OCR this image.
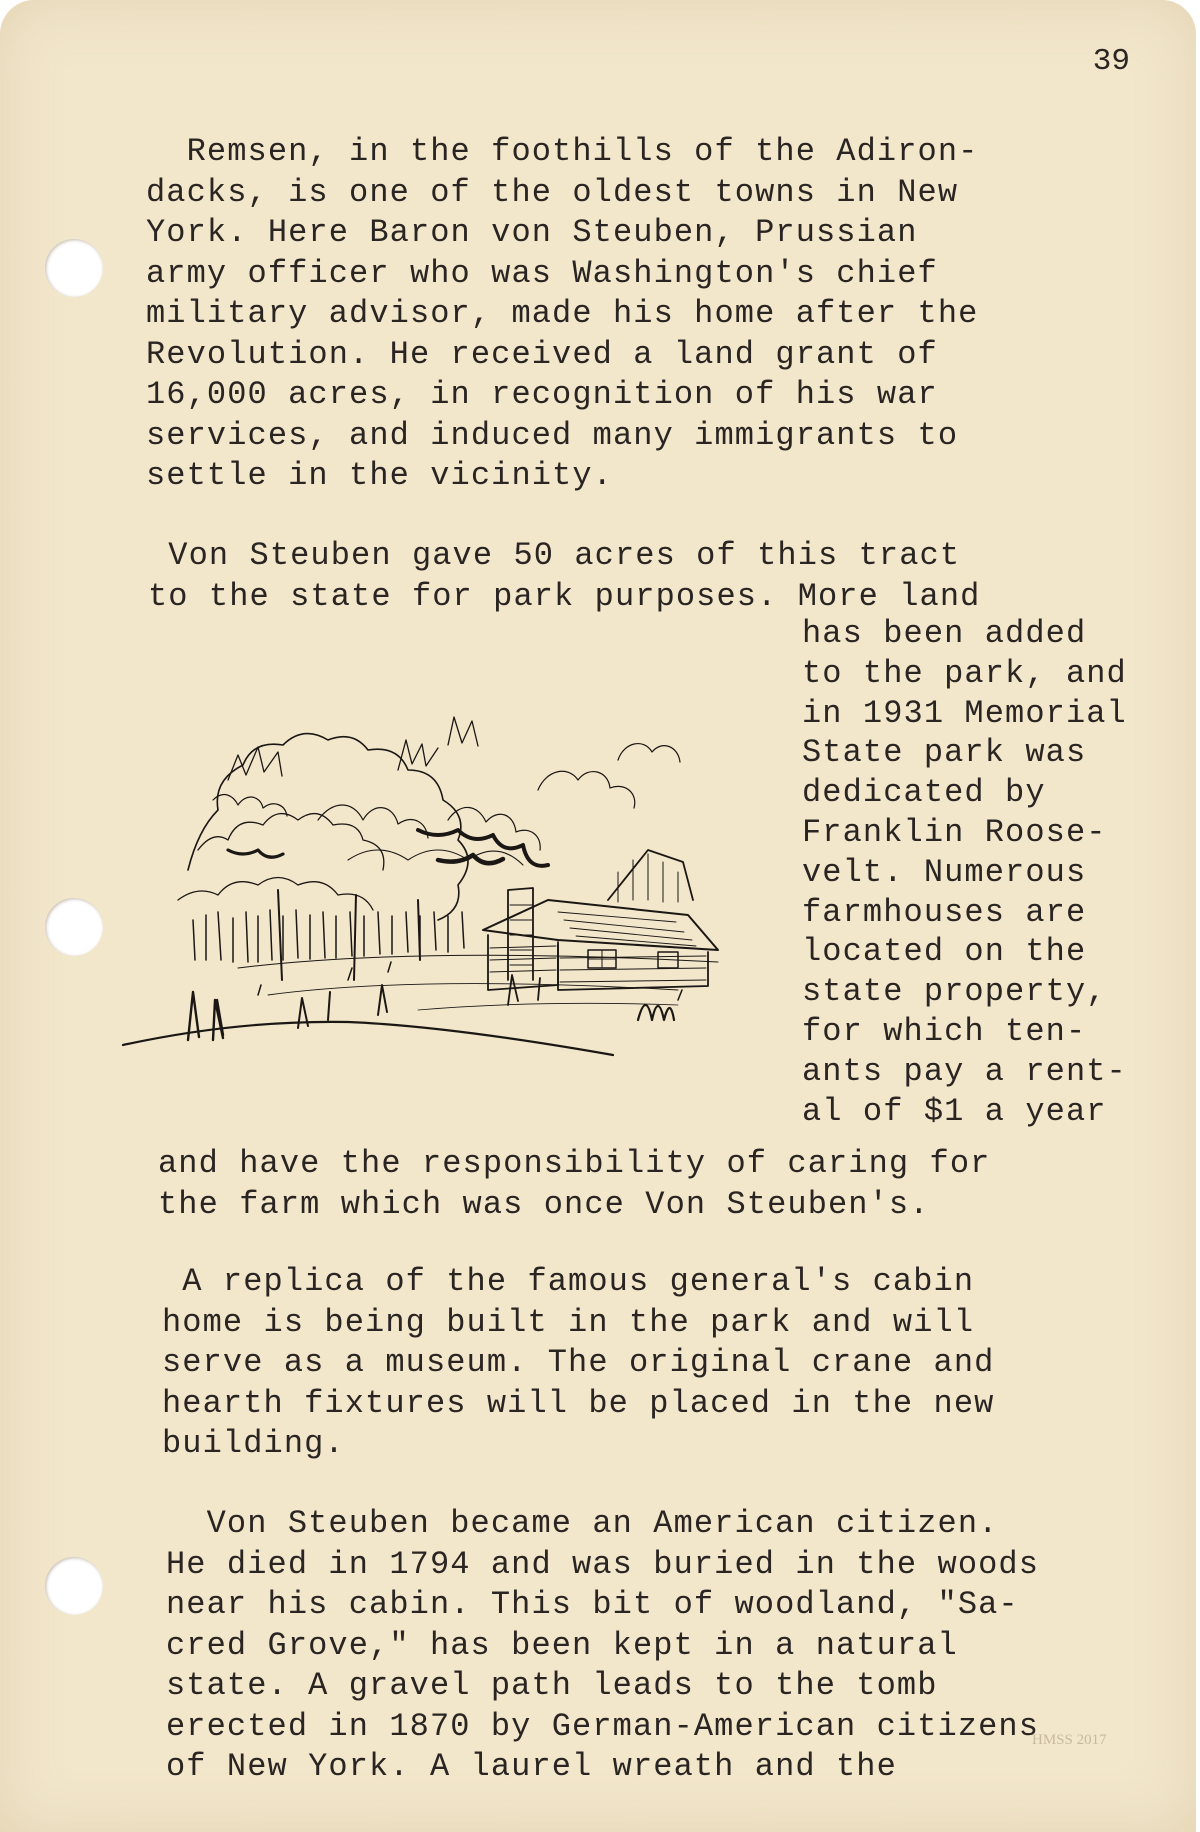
39
Remsen, in the foothills of the Adiron-
dacks, is one of the oldest towns in New
York. Here Baron von Steuben, Prussian
army officer who was Washington's chief
military advisor, made his home after the
Revolution. He received a land grant of
16,000 acres, in recognition of his war
services, and induced many immigrants to
settle in the vicinity.
Von Steuben gave 50 acres of this tract
to the state for park purposes. More land
has been added
to the park, and
in 1931 Memorial
State park was
dedicated by
Franklin Roose-
velt. Numerous
farmhouses are
located on the
state property,
for which ten-
ants pay a rent-
al of $1 a year
and have the responsibility of caring for
the farm which was once Von Steuben's.
A replica of the famous general's cabin
home is being built in the park and will
serve as a museum. The original crane and
hearth fixtures will be placed in the new
building.
Von Steuben became an American citizen.
He died in 1794 and was buried in the woods
near his cabin. This bit of woodland, "Sa-
cred Grove," has been kept in a natural
state. A gravel path leads to the tomb
erected in 1870 by German-American citizens
of New York. A laurel wreath and the
HMSS 2017
